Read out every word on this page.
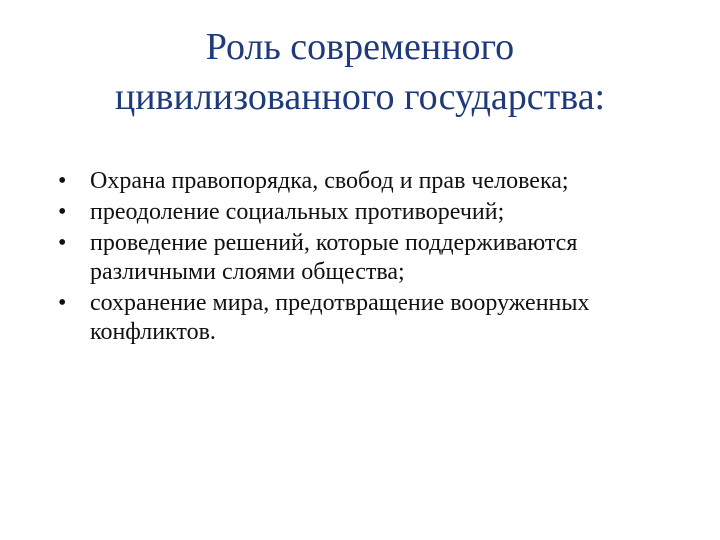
Роль современного
цивилизованного государства:
• Охрана правопорядка, свобод и прав человека;
• преодоление социальных противоречий;
• проведение решений, которые поддерживаются различными слоями общества;
• сохранение мира, предотвращение вооруженных конфликтов.
